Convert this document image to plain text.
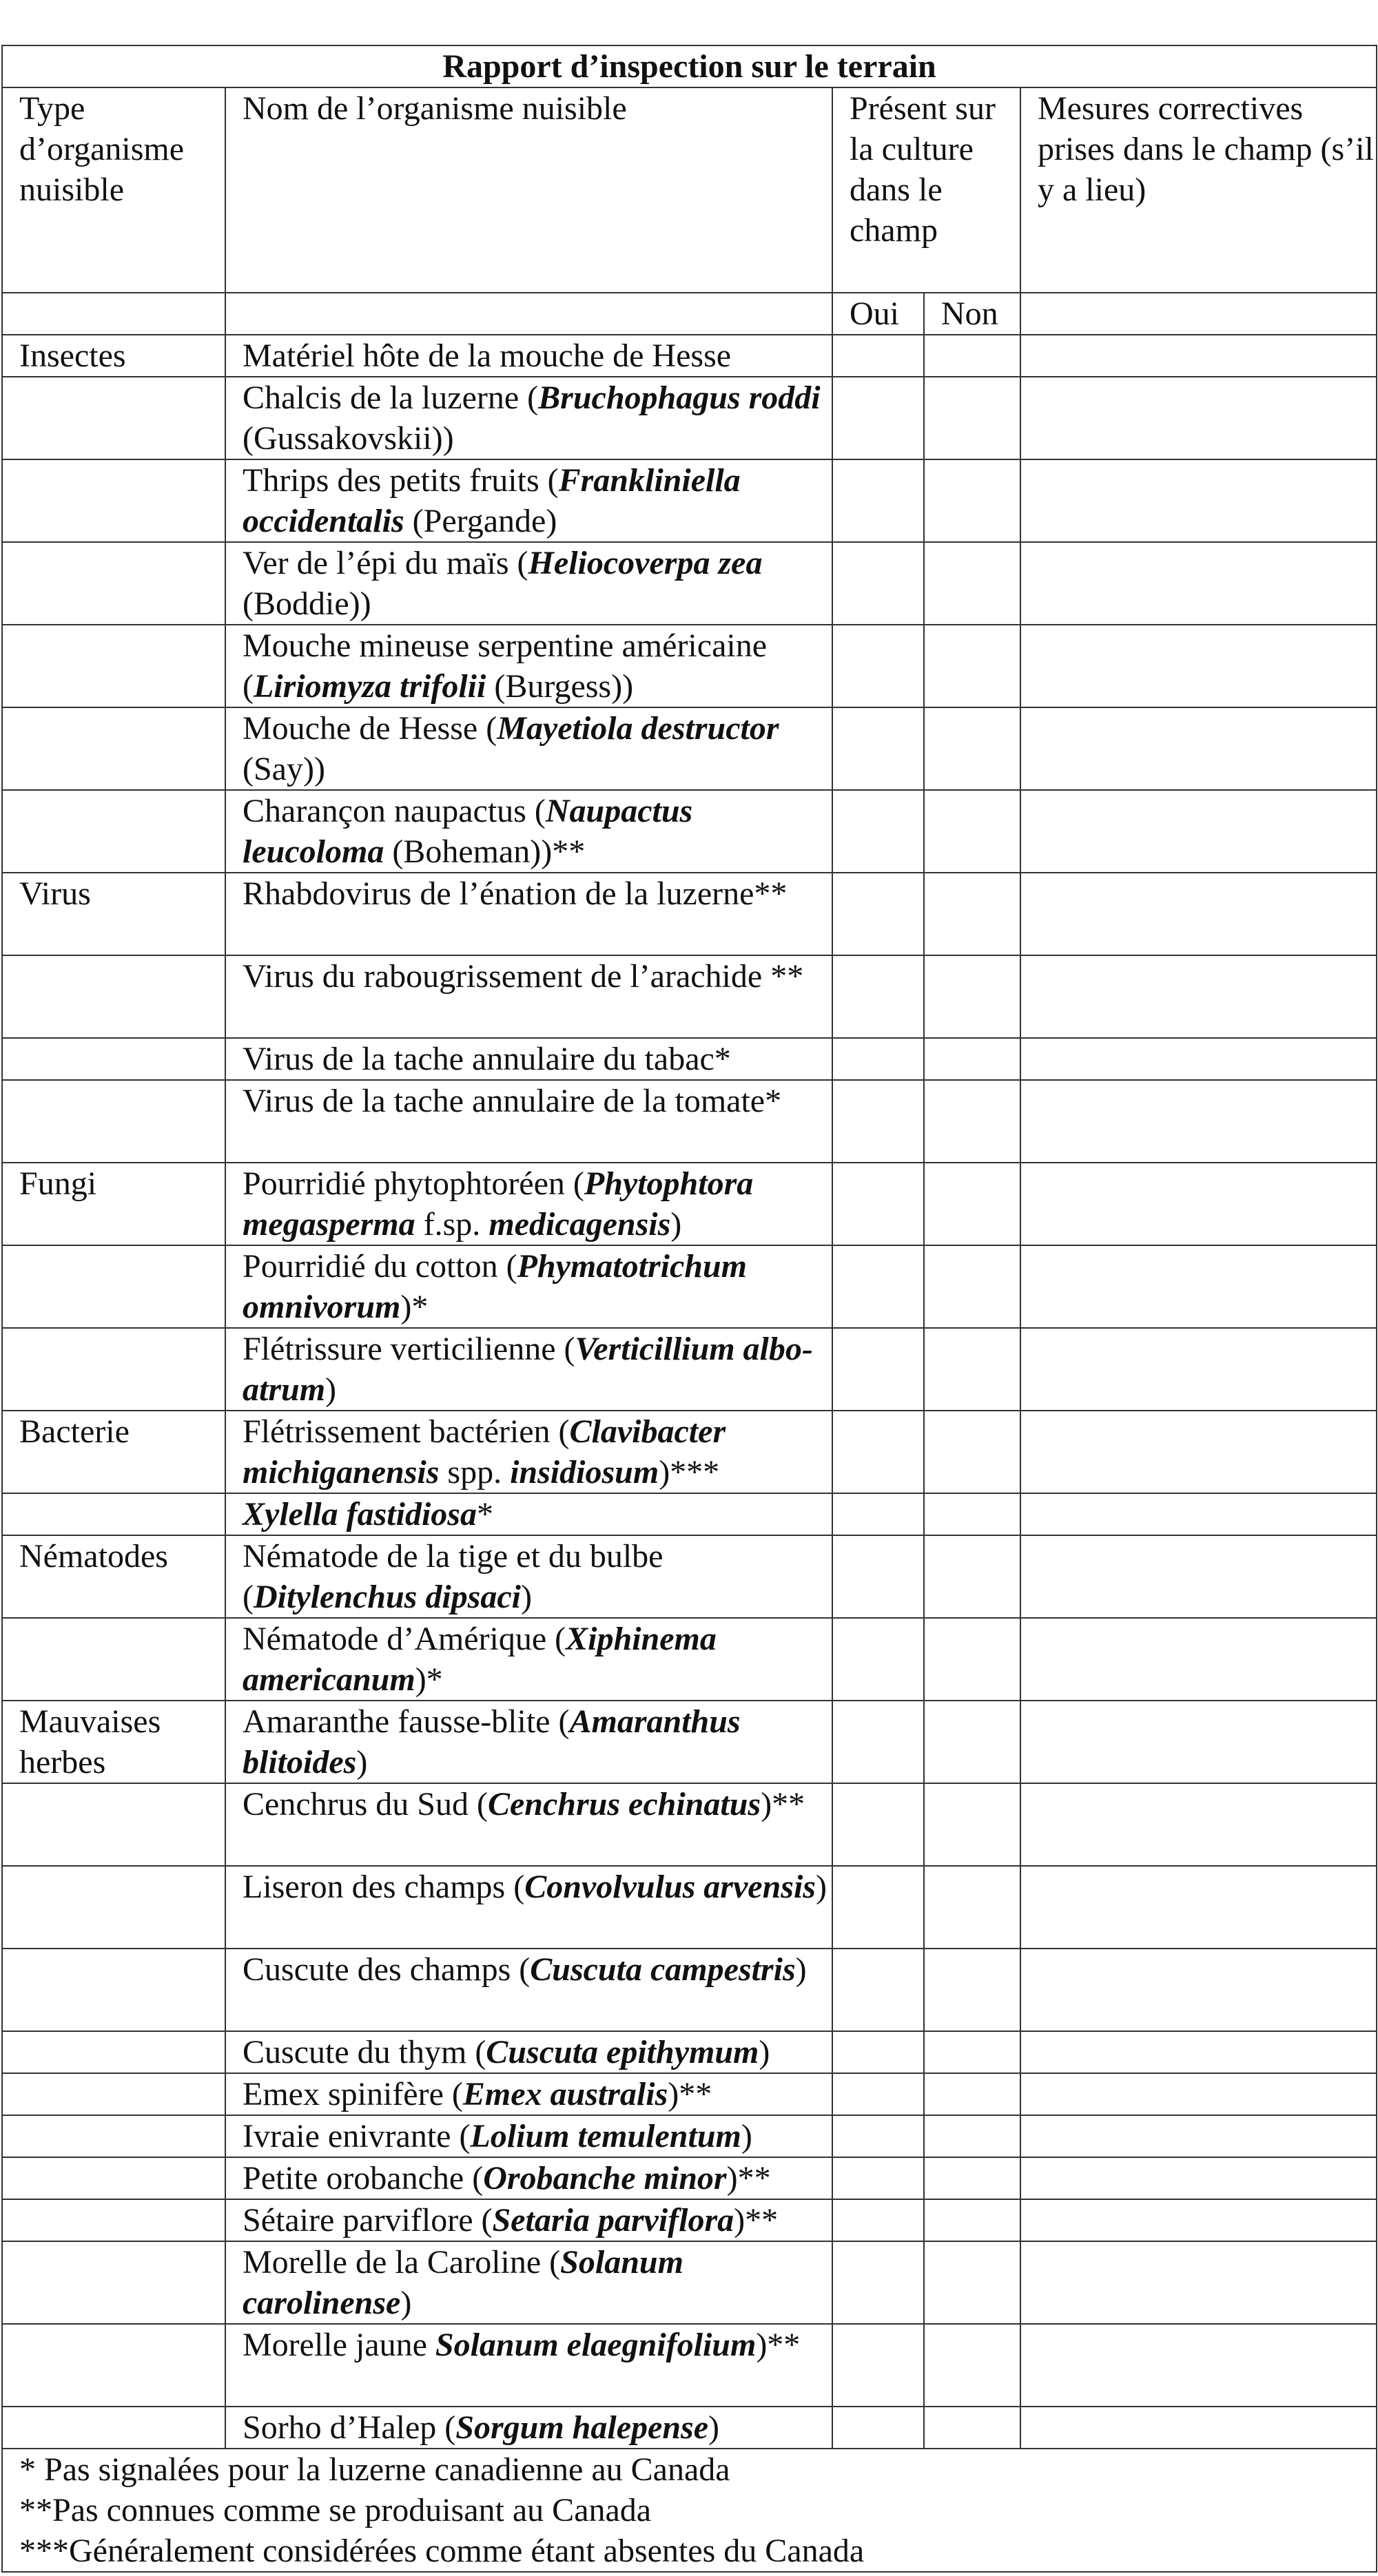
Rapport d’inspection sur le terrain				
Type d’organisme nuisible	Nom de l’organisme nuisible	Présent sur la culture dans le champ		Mesures correctives prises dans le champ (s’il y a lieu)
		Oui	Non	
Insectes	Matériel hôte de la mouche de Hesse			
	Chalcis de la luzerne (Bruchophagus roddi (Gussakovskii))			
	Thrips des petits fruits (Frankliniella occidentalis (Pergande)			
	Ver de l’épi du maïs (Heliocoverpa zea (Boddie))			
	Mouche mineuse serpentine américaine (Liriomyza trifolii (Burgess))			
	Mouche de Hesse (Mayetiola destructor (Say))			
	Charançon naupactus (Naupactus leucoloma (Boheman))**			
Virus	Rhabdovirus de l’énation de la luzerne**			
	Virus du rabougrissement de l’arachide **			
	Virus de la tache annulaire du tabac*			
	Virus de la tache annulaire de la tomate*			
Fungi	Pourridié phytophtoréen (Phytophtora megasperma f.sp. medicagensis)			
	Pourridié du cotton (Phymatotrichum omnivorum)*			
	Flétrissure verticilienne (Verticillium albo-atrum)			
Bacterie	Flétrissement bactérien (Clavibacter michiganensis spp. insidiosum)***			
	Xylella fastidiosa*			
Nématodes	Nématode de la tige et du bulbe (Ditylenchus dipsaci)			
	Nématode d’Amérique (Xiphinema americanum)*			
Mauvaises herbes	Amaranthe fausse-blite (Amaranthus blitoides)			
	Cenchrus du Sud (Cenchrus echinatus)**			
	Liseron des champs (Convolvulus arvensis)			
	Cuscute des champs (Cuscuta campestris)			
	Cuscute du thym (Cuscuta epithymum)			
	Emex spinifère (Emex australis)**			
	Ivraie enivrante (Lolium temulentum)			
	Petite orobanche (Orobanche minor)**			
	Sétaire parviflore (Setaria parviflora)**			
	Morelle de la Caroline (Solanum carolinense)			
	Morelle jaune Solanum elaegnifolium)**			
	Sorho d’Halep (Sorgum halepense)			

* Pas signalées pour la luzerne canadienne au Canada
**Pas connues comme se produisant au Canada
***Généralement considérées comme étant absentes du Canada				
